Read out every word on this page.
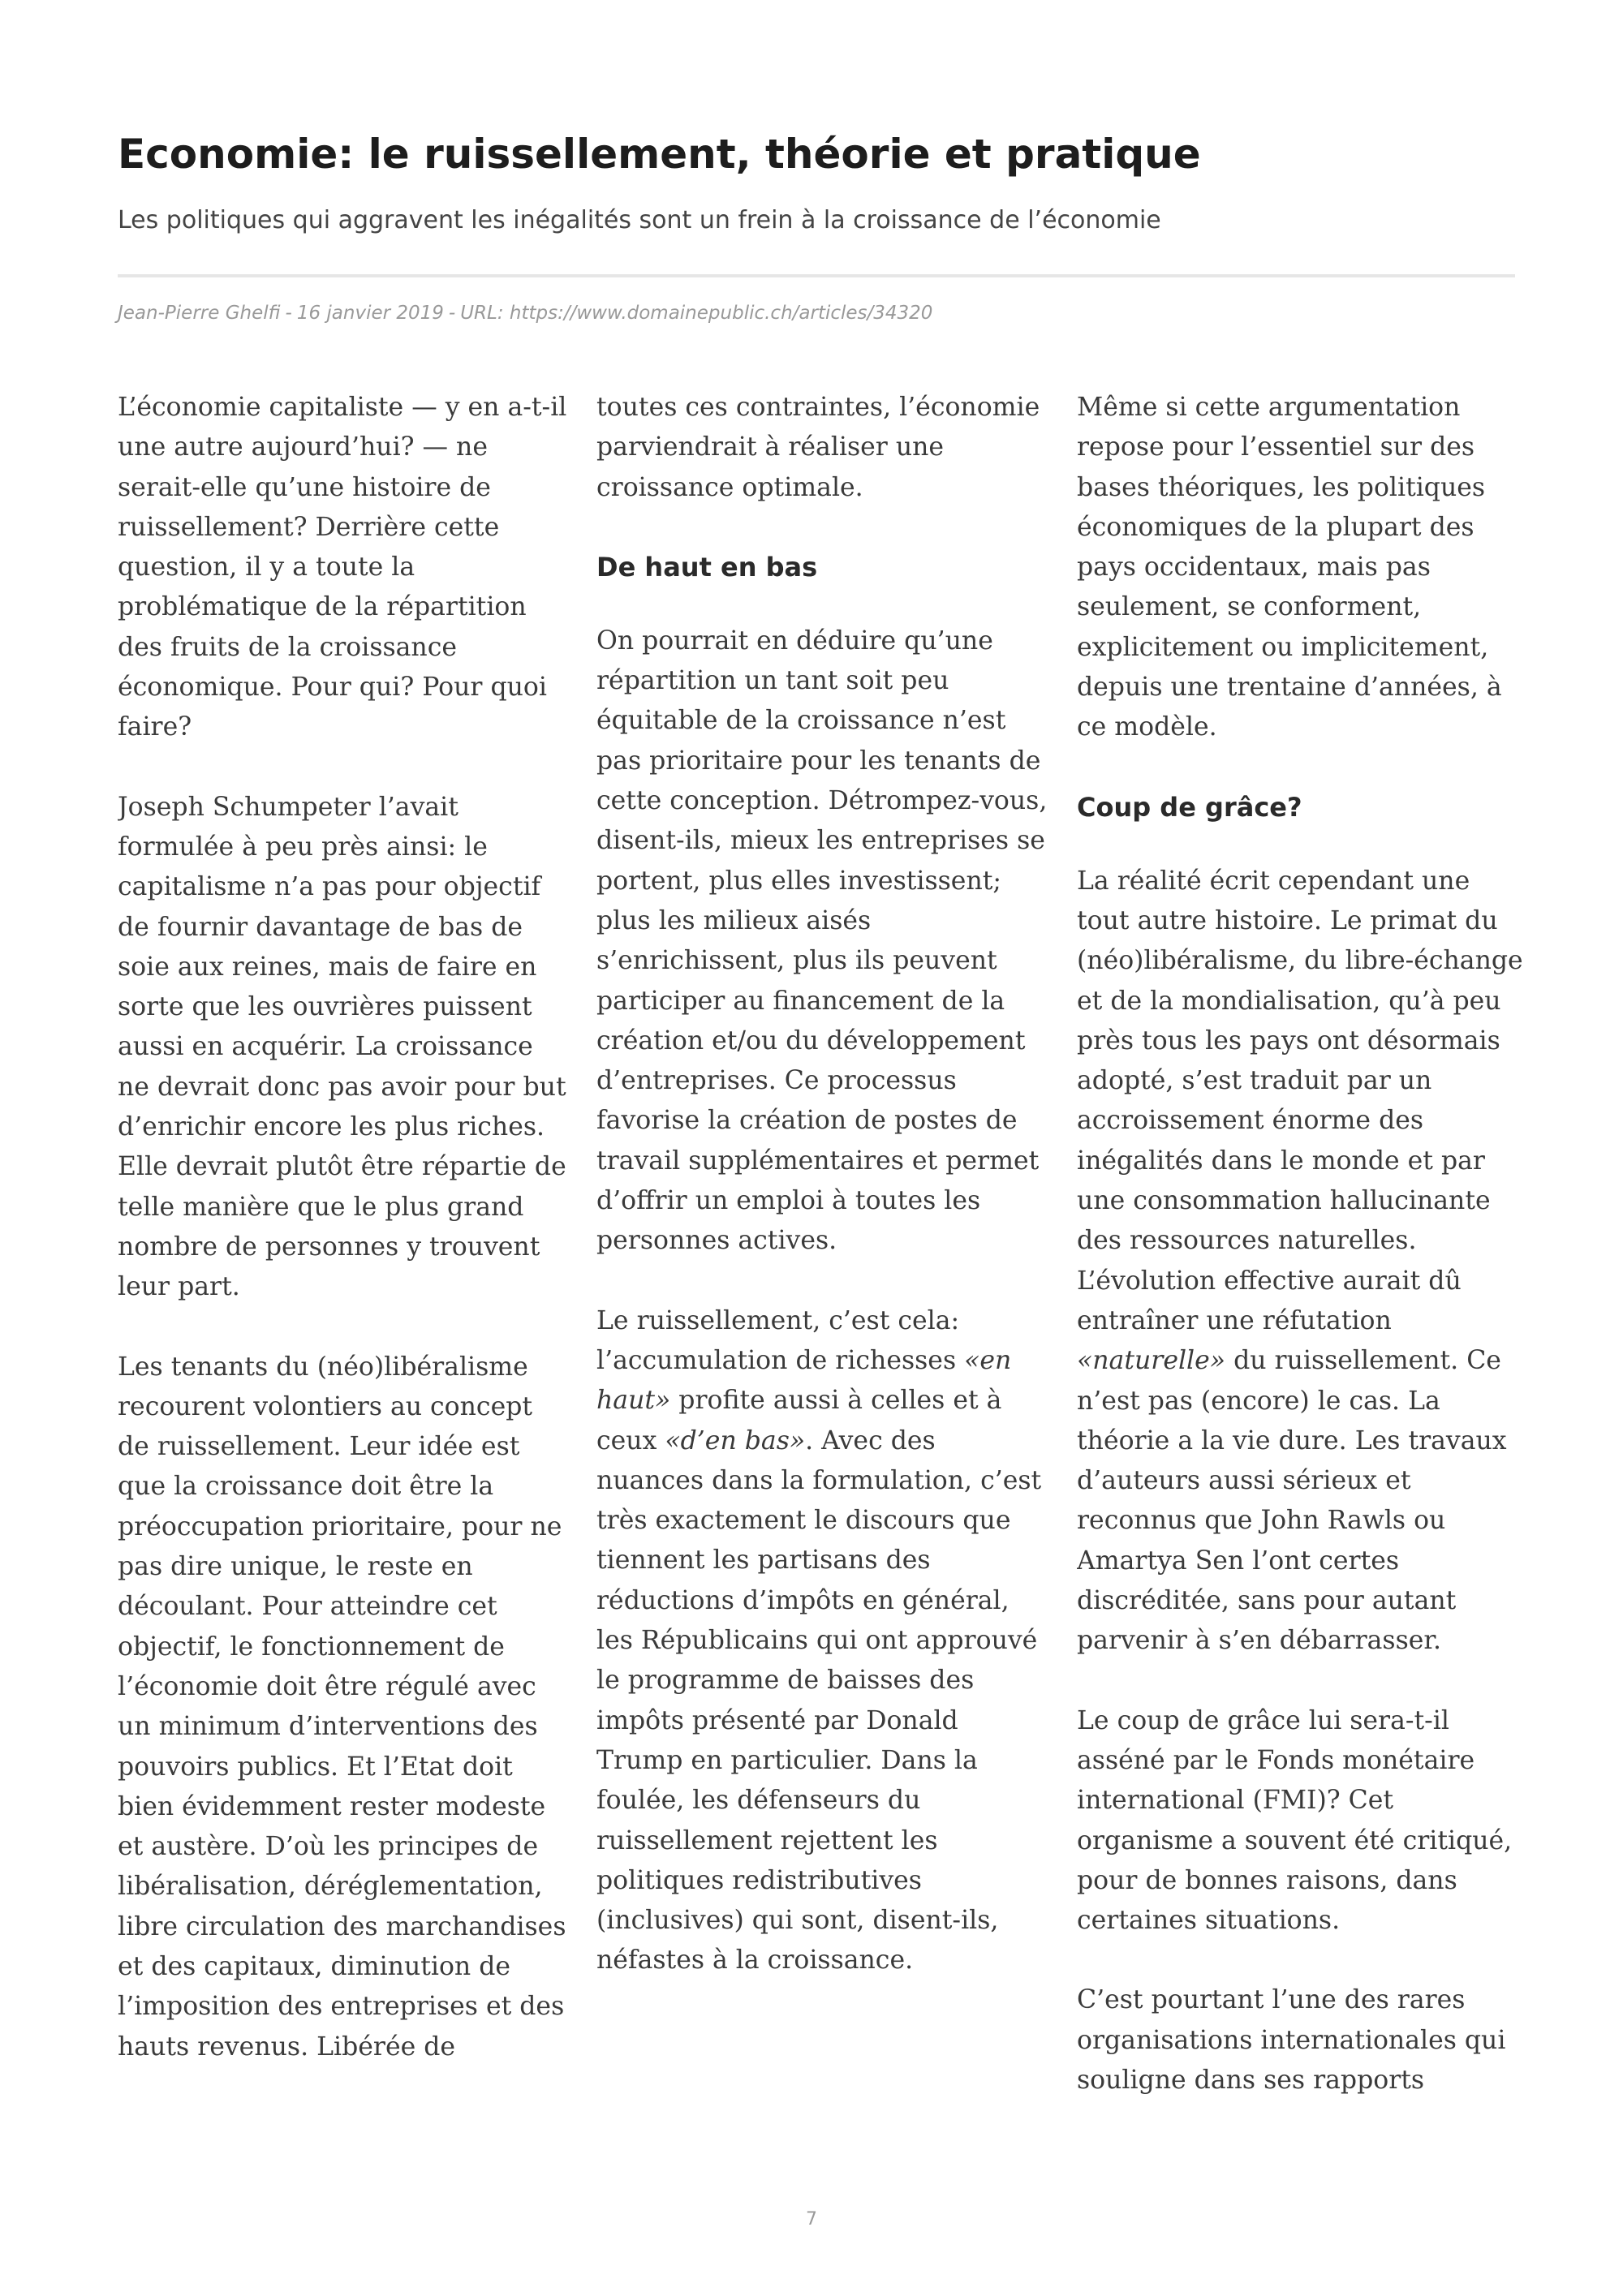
Economie: le ruissellement, théorie et pratique

Les politiques qui aggravent les inégalités sont un frein à la croissance de l’économie

Jean-Pierre Ghelfi - 16 janvier 2019 - URL: https://www.domainepublic.ch/articles/34320

L’économie capitaliste — y en a-t-il une autre aujourd’hui? — ne serait-elle qu’une histoire de ruissellement? Derrière cette question, il y a toute la problématique de la répartition des fruits de la croissance économique. Pour qui? Pour quoi faire?

Joseph Schumpeter l’avait formulée à peu près ainsi: le capitalisme n’a pas pour objectif de fournir davantage de bas de soie aux reines, mais de faire en sorte que les ouvrières puissent aussi en acquérir. La croissance ne devrait donc pas avoir pour but d’enrichir encore les plus riches. Elle devrait plutôt être répartie de telle manière que le plus grand nombre de personnes y trouvent leur part.

Les tenants du (néo)libéralisme recourent volontiers au concept de ruissellement. Leur idée est que la croissance doit être la préoccupation prioritaire, pour ne pas dire unique, le reste en découlant. Pour atteindre cet objectif, le fonctionnement de l’économie doit être régulé avec un minimum d’interventions des pouvoirs publics. Et l’Etat doit bien évidemment rester modeste et austère. D’où les principes de libéralisation, déréglementation, libre circulation des marchandises et des capitaux, diminution de l’imposition des entreprises et des hauts revenus. Libérée de

toutes ces contraintes, l’économie parviendrait à réaliser une croissance optimale.

De haut en bas

On pourrait en déduire qu’une répartition un tant soit peu équitable de la croissance n’est pas prioritaire pour les tenants de cette conception. Détrompez-vous, disent-ils, mieux les entreprises se portent, plus elles investissent; plus les milieux aisés s’enrichissent, plus ils peuvent participer au financement de la création et/ou du développement d’entreprises. Ce processus favorise la création de postes de travail supplémentaires et permet d’offrir un emploi à toutes les personnes actives.

Le ruissellement, c’est cela: l’accumulation de richesses «en haut» profite aussi à celles et à ceux «d’en bas». Avec des nuances dans la formulation, c’est très exactement le discours que tiennent les partisans des réductions d’impôts en général, les Républicains qui ont approuvé le programme de baisses des impôts présenté par Donald Trump en particulier. Dans la foulée, les défenseurs du ruissellement rejettent les politiques redistributives (inclusives) qui sont, disent-ils, néfastes à la croissance.

Même si cette argumentation repose pour l’essentiel sur des bases théoriques, les politiques économiques de la plupart des pays occidentaux, mais pas seulement, se conforment, explicitement ou implicitement, depuis une trentaine d’années, à ce modèle.

Coup de grâce?

La réalité écrit cependant une tout autre histoire. Le primat du (néo)libéralisme, du libre-échange et de la mondialisation, qu’à peu près tous les pays ont désormais adopté, s’est traduit par un accroissement énorme des inégalités dans le monde et par une consommation hallucinante des ressources naturelles. L’évolution effective aurait dû entraîner une réfutation «naturelle» du ruissellement. Ce n’est pas (encore) le cas. La théorie a la vie dure. Les travaux d’auteurs aussi sérieux et reconnus que John Rawls ou Amartya Sen l’ont certes discréditée, sans pour autant parvenir à s’en débarrasser.

Le coup de grâce lui sera-t-il asséné par le Fonds monétaire international (FMI)? Cet organisme a souvent été critiqué, pour de bonnes raisons, dans certaines situations.

C’est pourtant l’une des rares organisations internationales qui souligne dans ses rapports

7
